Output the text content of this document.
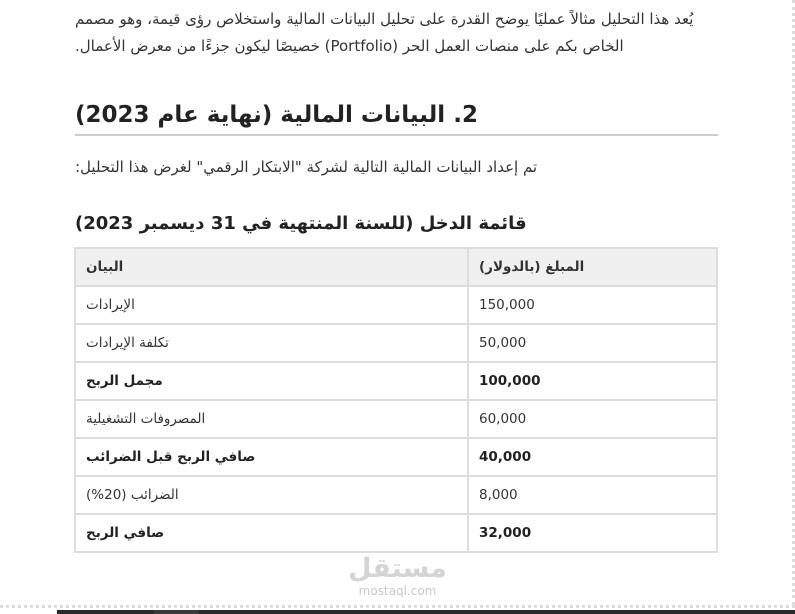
يُعد هذا التحليل مثالاً عمليًا يوضح القدرة على تحليل البيانات المالية واستخلاص رؤى قيمة، وهو مصمم الخاص بكم على منصات العمل الحر (Portfolio) خصيصًا ليكون جزءًا من معرض الأعمال.

2. البيانات المالية (نهاية عام 2023)

تم إعداد البيانات المالية التالية لشركة "الابتكار الرقمي" لغرض هذا التحليل:

قائمة الدخل (للسنة المنتهية في 31 ديسمبر 2023)
البيان	المبلغ (بالدولار)
الإيرادات	150,000
تكلفة الإيرادات	50,000
مجمل الربح	100,000
المصروفات التشغيلية	60,000
صافي الربح قبل الضرائب	40,000
الضرائب (20%)	8,000
صافي الربح	32,000
مستقل
mostaql.com
